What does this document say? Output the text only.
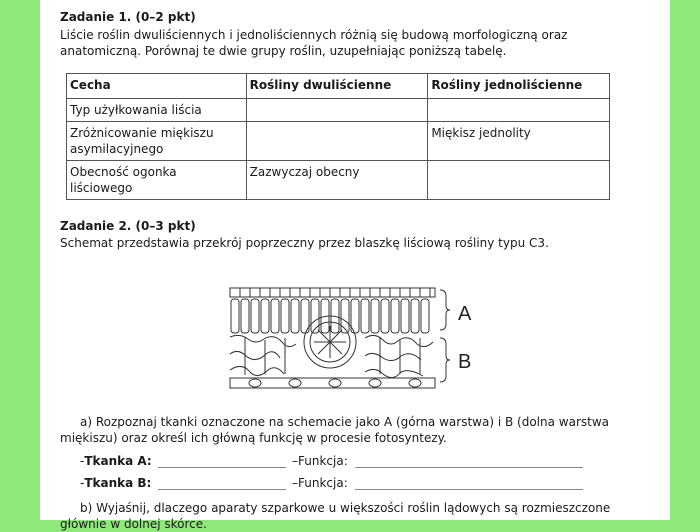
Zadanie 1. (0–2 pkt)
Liście roślin dwuliściennych i jednoliściennych różnią się budową morfologiczną oraz anatomiczną. Porównaj te dwie grupy roślin, uzupełniając poniższą tabelę.
Cecha	Rośliny dwuliścienne	Rośliny jednoliścienne
Typ użyłkowania liścia		
Zróżnicowanie miękiszu asymilacyjnego		Miękisz jednolity
Obecność ogonka liściowego	Zazwyczaj obecny	
Zadanie 2. (0–3 pkt)
Schemat przedstawia przekrój poprzeczny przez blaszkę liściową rośliny typu C3.
A
B
a) Rozpoznaj tkanki oznaczone na schemacie jako A (górna warstwa) i B (dolna warstwa miękiszu) oraz określ ich główną funkcję w procesie fotosyntezy.
-Tkanka A:	–Funkcja:
-Tkanka B:	–Funkcja:
b) Wyjaśnij, dlaczego aparaty szparkowe u większości roślin lądowych są rozmieszczone głównie w dolnej skórce.
